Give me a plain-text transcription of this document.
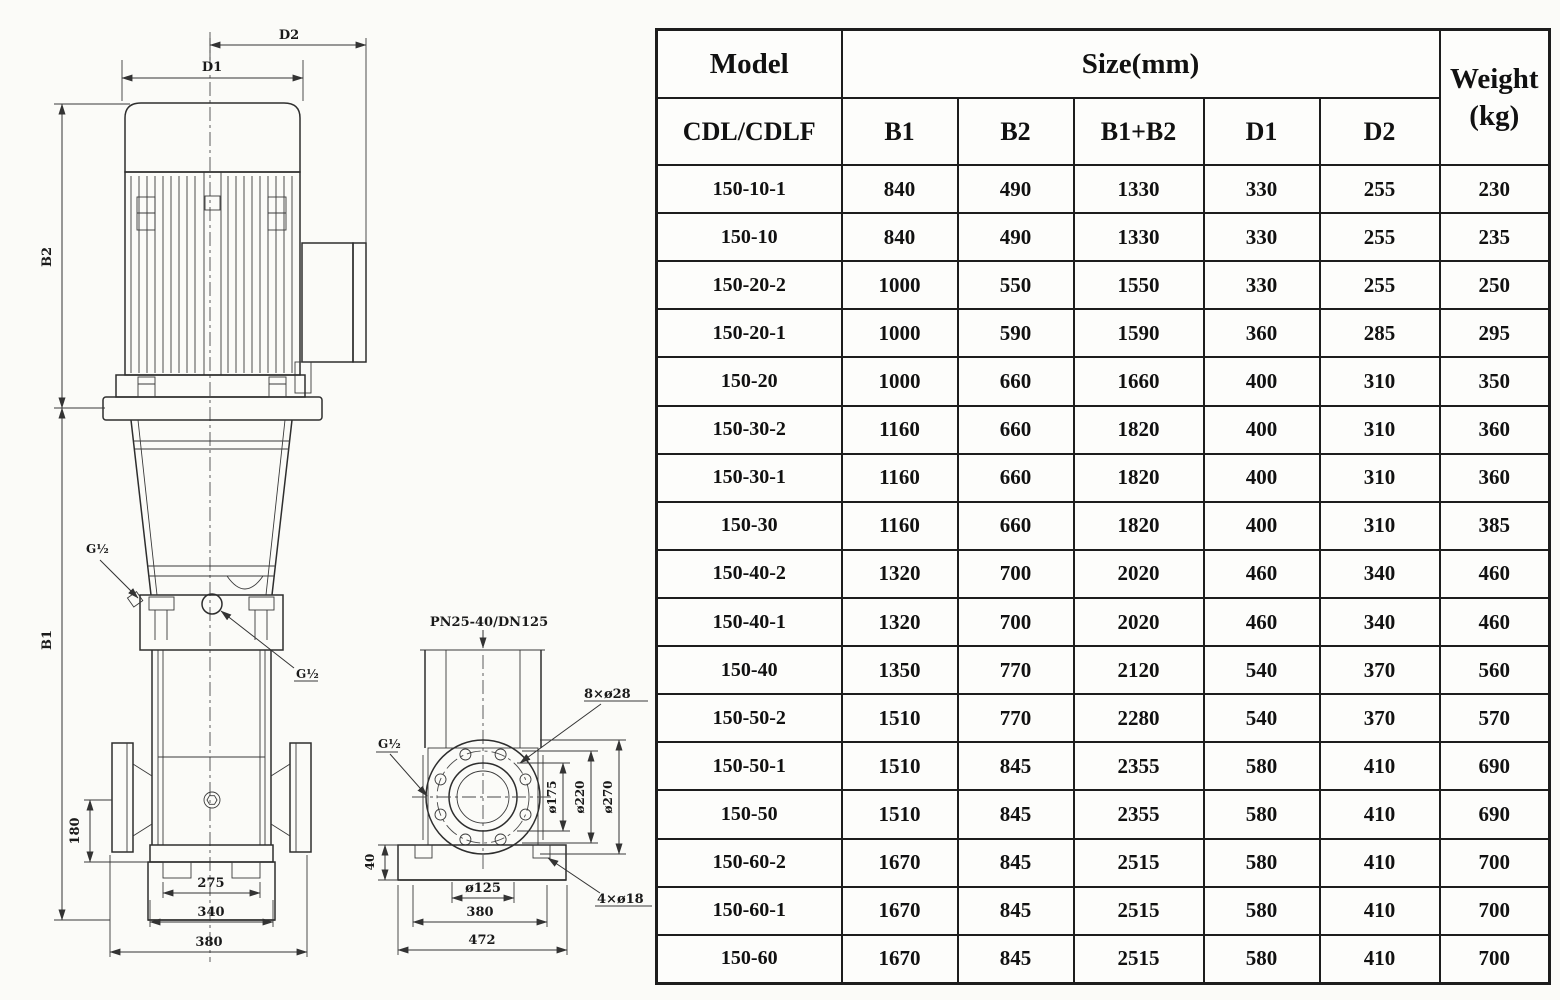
D2
D1
B2
B1
180
275
340
380
G½
G½
PN25-40/DN125
8×ø28
G½
ø175 ø220 ø270
40
ø125
380
472
4×ø18
Model	Size(mm)					Weight
(kg)

CDL/CDLF	B1	B2	B1+B2	D1	D2	
150-10-1	840	490	1330	330	255	230
150-10	840	490	1330	330	255	235
150-20-2	1000	550	1550	330	255	250
150-20-1	1000	590	1590	360	285	295
150-20	1000	660	1660	400	310	350
150-30-2	1160	660	1820	400	310	360
150-30-1	1160	660	1820	400	310	360
150-30	1160	660	1820	400	310	385
150-40-2	1320	700	2020	460	340	460
150-40-1	1320	700	2020	460	340	460
150-40	1350	770	2120	540	370	560
150-50-2	1510	770	2280	540	370	570
150-50-1	1510	845	2355	580	410	690
150-50	1510	845	2355	580	410	690
150-60-2	1670	845	2515	580	410	700
150-60-1	1670	845	2515	580	410	700
150-60	1670	845	2515	580	410	700
